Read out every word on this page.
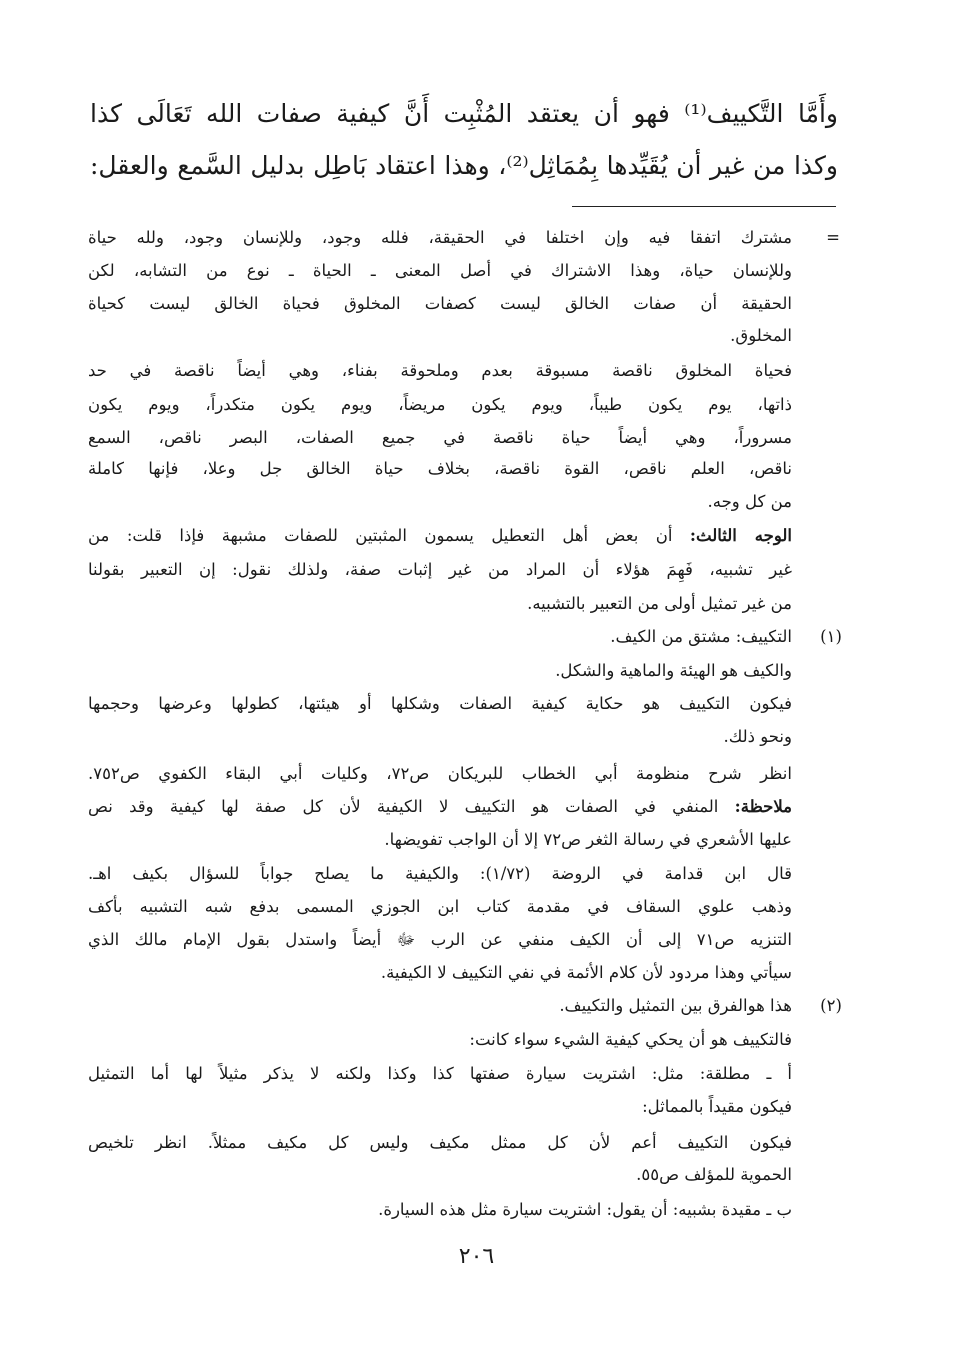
وأَمَّا التَّكييف⁽¹⁾ فهو أن يعتقد المُثْبِت أَنَّ كيفية صفات الله تَعَالَى كذا
وكذا من غير أن يُقَيِّدها بِمُمَاثِل⁽²⁾، وهذا اعتقاد بَاطِل بدليل السَّمع والعقل:
=
مشترك اتفقا فيه وإن اختلفا في الحقيقة، فلله وجود، وللإنسان وجود، ولله حياة
وللإنسان حياة، وهذا الاشتراك في أصل المعنى ـ الحياة ـ نوع من التشابه، لكن
الحقيقة أن صفات الخالق ليست كصفات المخلوق فحياة الخالق ليست كحياة
المخلوق.
فحياة المخلوق ناقصة مسبوقة بعدم وملحوقة بفناء، وهي أيضاً ناقصة في حد
ذاتها، يوم يكون طيباً، ويوم يكون مريضاً، ويوم يكون متكدراً، ويوم يكون
مسروراً، وهي أيضاً حياة ناقصة في جميع الصفات، البصر ناقص، السمع
ناقص، العلم ناقص، القوة ناقصة، بخلاف حياة الخالق جل وعلا، فإنها كاملة
من كل وجه.
الوجه الثالث: أن بعض أهل التعطيل يسمون المثبتين للصفات مشبهة فإذا قلت: من
غير تشبيه، فَهِمَ هؤلاء أن المراد من غير إثبات صفة، ولذلك نقول: إن التعبير بقولنا
من غير تمثيل أولى من التعبير بالتشبيه.
التكييف: مشتق من الكيف.	(١)
والكيف هو الهيئة والماهية والشكل.
فيكون التكييف هو حكاية كيفية الصفات وشكلها أو هيئتها، كطولها وعرضها وحجمها
ونحو ذلك.
انظر شرح منظومة أبي الخطاب للبريكان ص٧٢، وكليات أبي البقاء الكفوي ص٧٥٢.
ملاحظة: المنفي في الصفات هو التكييف لا الكيفية لأن كل صفة لها كيفية وقد نص
عليها الأشعري في رسالة الثغر ص٧٢ إلا أن الواجب تفويضها.
قال ابن قدامة في الروضة (١/٧٢): والكيفية ما يصلح جواباً للسؤال بكيف اهـ.
وذهب علوي السقاف في مقدمة كتاب ابن الجوزي المسمى بدفع شبه التشبيه بأكف
التنزيه ص٧١ إلى أن الكيف منفي عن الرب ﷻ أيضاً واستدل بقول الإمام مالك الذي
سيأتي وهذا مردود لأن كلام الأئمة في نفي التكييف لا الكيفية.
هذا هوالفرق بين التمثيل والتكييف.	(٢)
فالتكييف هو أن يحكي كيفية الشيء سواء كانت:
أ ـ مطلقة: مثل: اشتريت سيارة صفتها كذا وكذا ولكنه لا يذكر مثيلاً لها أما التمثيل
فيكون مقيداً بالمماثل:
فيكون التكييف أعم لأن كل ممثل مكيف وليس كل مكيف ممثلاً. انظر تلخيص
الحموية للمؤلف ص٥٥.
ب ـ مقيدة بشبيه: أن يقول: اشتريت سيارة مثل هذه السيارة.
٢٠٦
